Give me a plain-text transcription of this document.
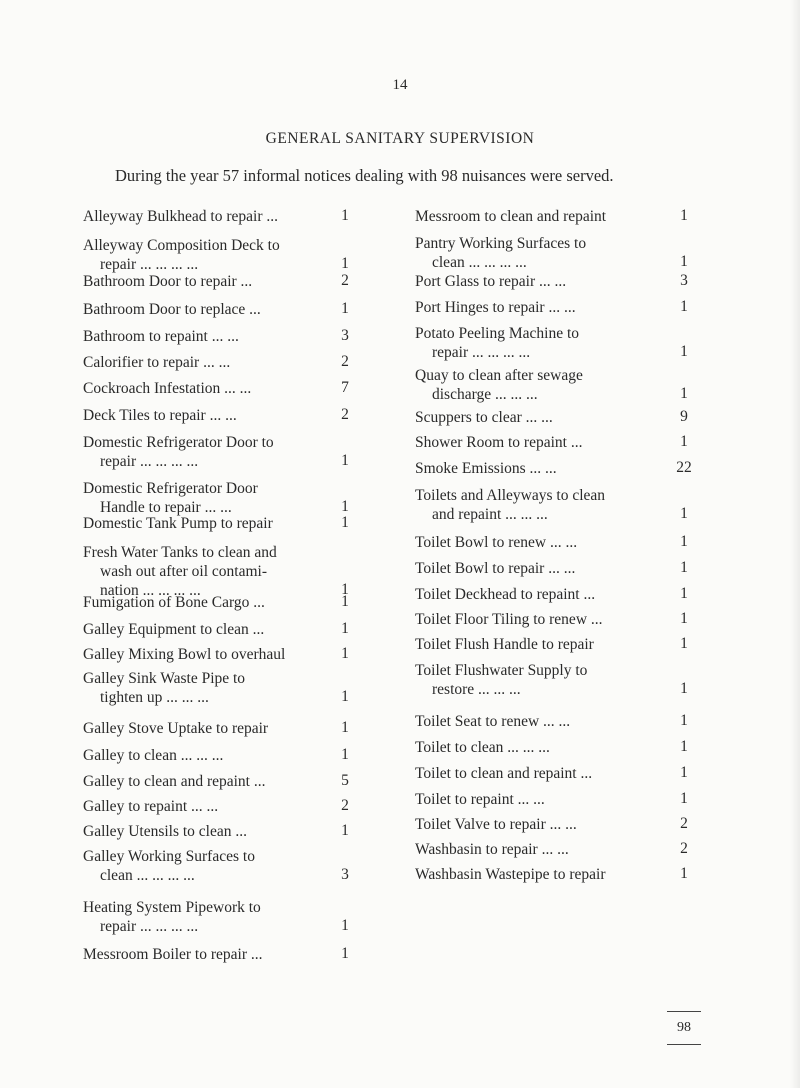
14
GENERAL SANITARY SUPERVISION
During the year 57 informal notices dealing with 98 nuisances were served.
Alleyway Bulkhead to repair ...	1
Alleyway Composition Deck to
repair ... ... ... ...	1
Bathroom Door to repair ...	2
Bathroom Door to replace ...	1
Bathroom to repaint ... ...	3
Calorifier to repair ... ...	2
Cockroach Infestation ... ...	7
Deck Tiles to repair ... ...	2
Domestic Refrigerator Door to
repair ... ... ... ...	1
Domestic Refrigerator Door
Handle to repair ... ...	1
Domestic Tank Pump to repair	1
Fresh Water Tanks to clean and
wash out after oil contami-
nation ... ... ... ...	1
Fumigation of Bone Cargo ...	1
Galley Equipment to clean ...	1
Galley Mixing Bowl to overhaul	1
Galley Sink Waste Pipe to
tighten up ... ... ...	1
Galley Stove Uptake to repair	1
Galley to clean ... ... ...	1
Galley to clean and repaint ...	5
Galley to repaint ... ...	2
Galley Utensils to clean ...	1
Galley Working Surfaces to
clean ... ... ... ...	3
Heating System Pipework to
repair ... ... ... ...	1
Messroom Boiler to repair ...	1
Messroom to clean and repaint	1
Pantry Working Surfaces to
clean ... ... ... ...	1
Port Glass to repair ... ...	3
Port Hinges to repair ... ...	1
Potato Peeling Machine to
repair ... ... ... ...	1
Quay to clean after sewage
discharge ... ... ...	1
Scuppers to clear ... ...	9
Shower Room to repaint ...	1
Smoke Emissions ... ...	22
Toilets and Alleyways to clean
and repaint ... ... ...	1
Toilet Bowl to renew ... ...	1
Toilet Bowl to repair ... ...	1
Toilet Deckhead to repaint ...	1
Toilet Floor Tiling to renew ...	1
Toilet Flush Handle to repair	1
Toilet Flushwater Supply to
restore ... ... ...	1
Toilet Seat to renew ... ...	1
Toilet to clean ... ... ...	1
Toilet to clean and repaint ...	1
Toilet to repaint ... ...	1
Toilet Valve to repair ... ...	2
Washbasin to repair ... ...	2
Washbasin Wastepipe to repair	1
98
